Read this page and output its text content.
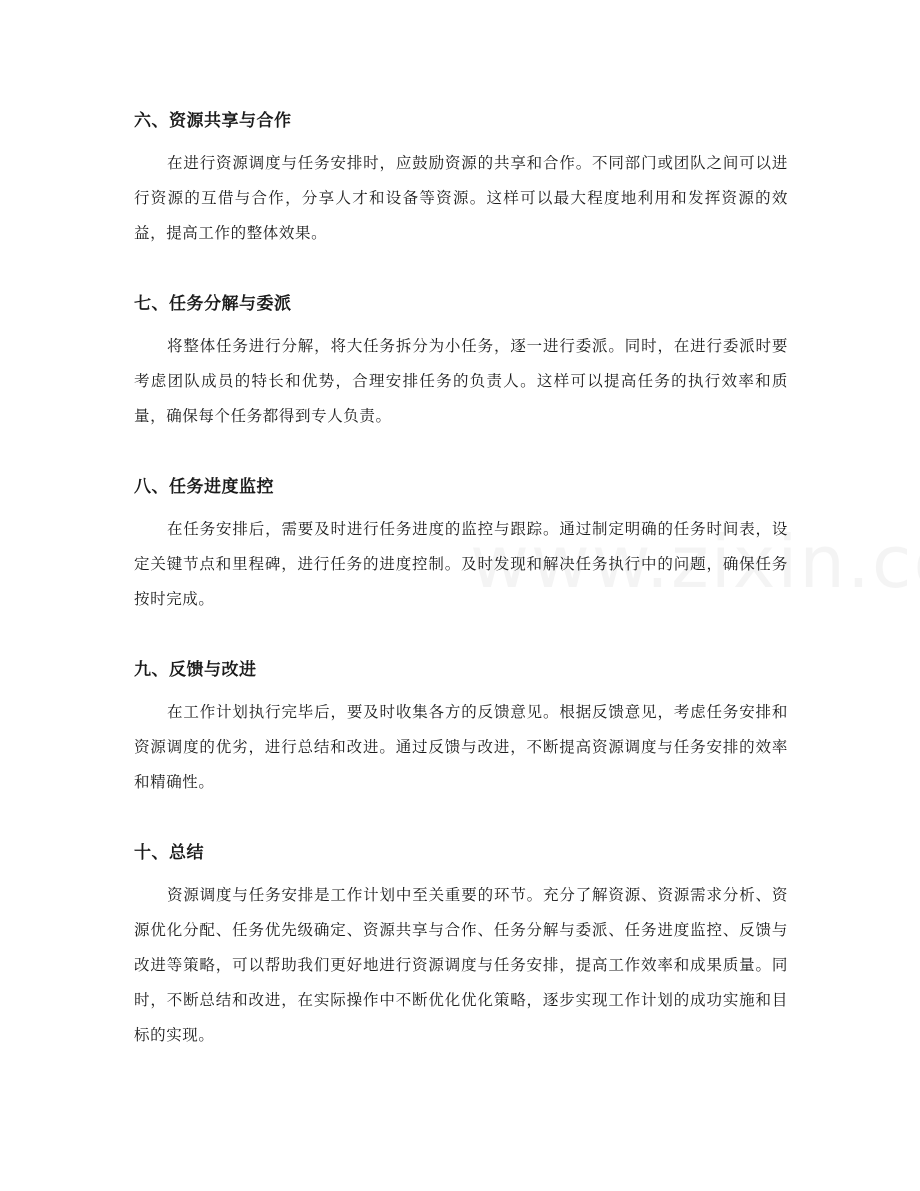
六、资源共享与合作

在进行资源调度与任务安排时，应鼓励资源的共享和合作。不同部门或团队之间可以进行资源的互借与合作，分享人才和设备等资源。这样可以最大程度地利用和发挥资源的效益，提高工作的整体效果。

七、任务分解与委派

将整体任务进行分解，将大任务拆分为小任务，逐一进行委派。同时，在进行委派时要考虑团队成员的特长和优势，合理安排任务的负责人。这样可以提高任务的执行效率和质量，确保每个任务都得到专人负责。

八、任务进度监控

在任务安排后，需要及时进行任务进度的监控与跟踪。通过制定明确的任务时间表，设定关键节点和里程碑，进行任务的进度控制。及时发现和解决任务执行中的问题，确保任务按时完成。

九、反馈与改进

在工作计划执行完毕后，要及时收集各方的反馈意见。根据反馈意见，考虑任务安排和资源调度的优劣，进行总结和改进。通过反馈与改进，不断提高资源调度与任务安排的效率和精确性。

十、总结

资源调度与任务安排是工作计划中至关重要的环节。充分了解资源、资源需求分析、资源优化分配、任务优先级确定、资源共享与合作、任务分解与委派、任务进度监控、反馈与改进等策略，可以帮助我们更好地进行资源调度与任务安排，提高工作效率和成果质量。同时，不断总结和改进，在实际操作中不断优化优化策略，逐步实现工作计划的成功实施和目标的实现。
